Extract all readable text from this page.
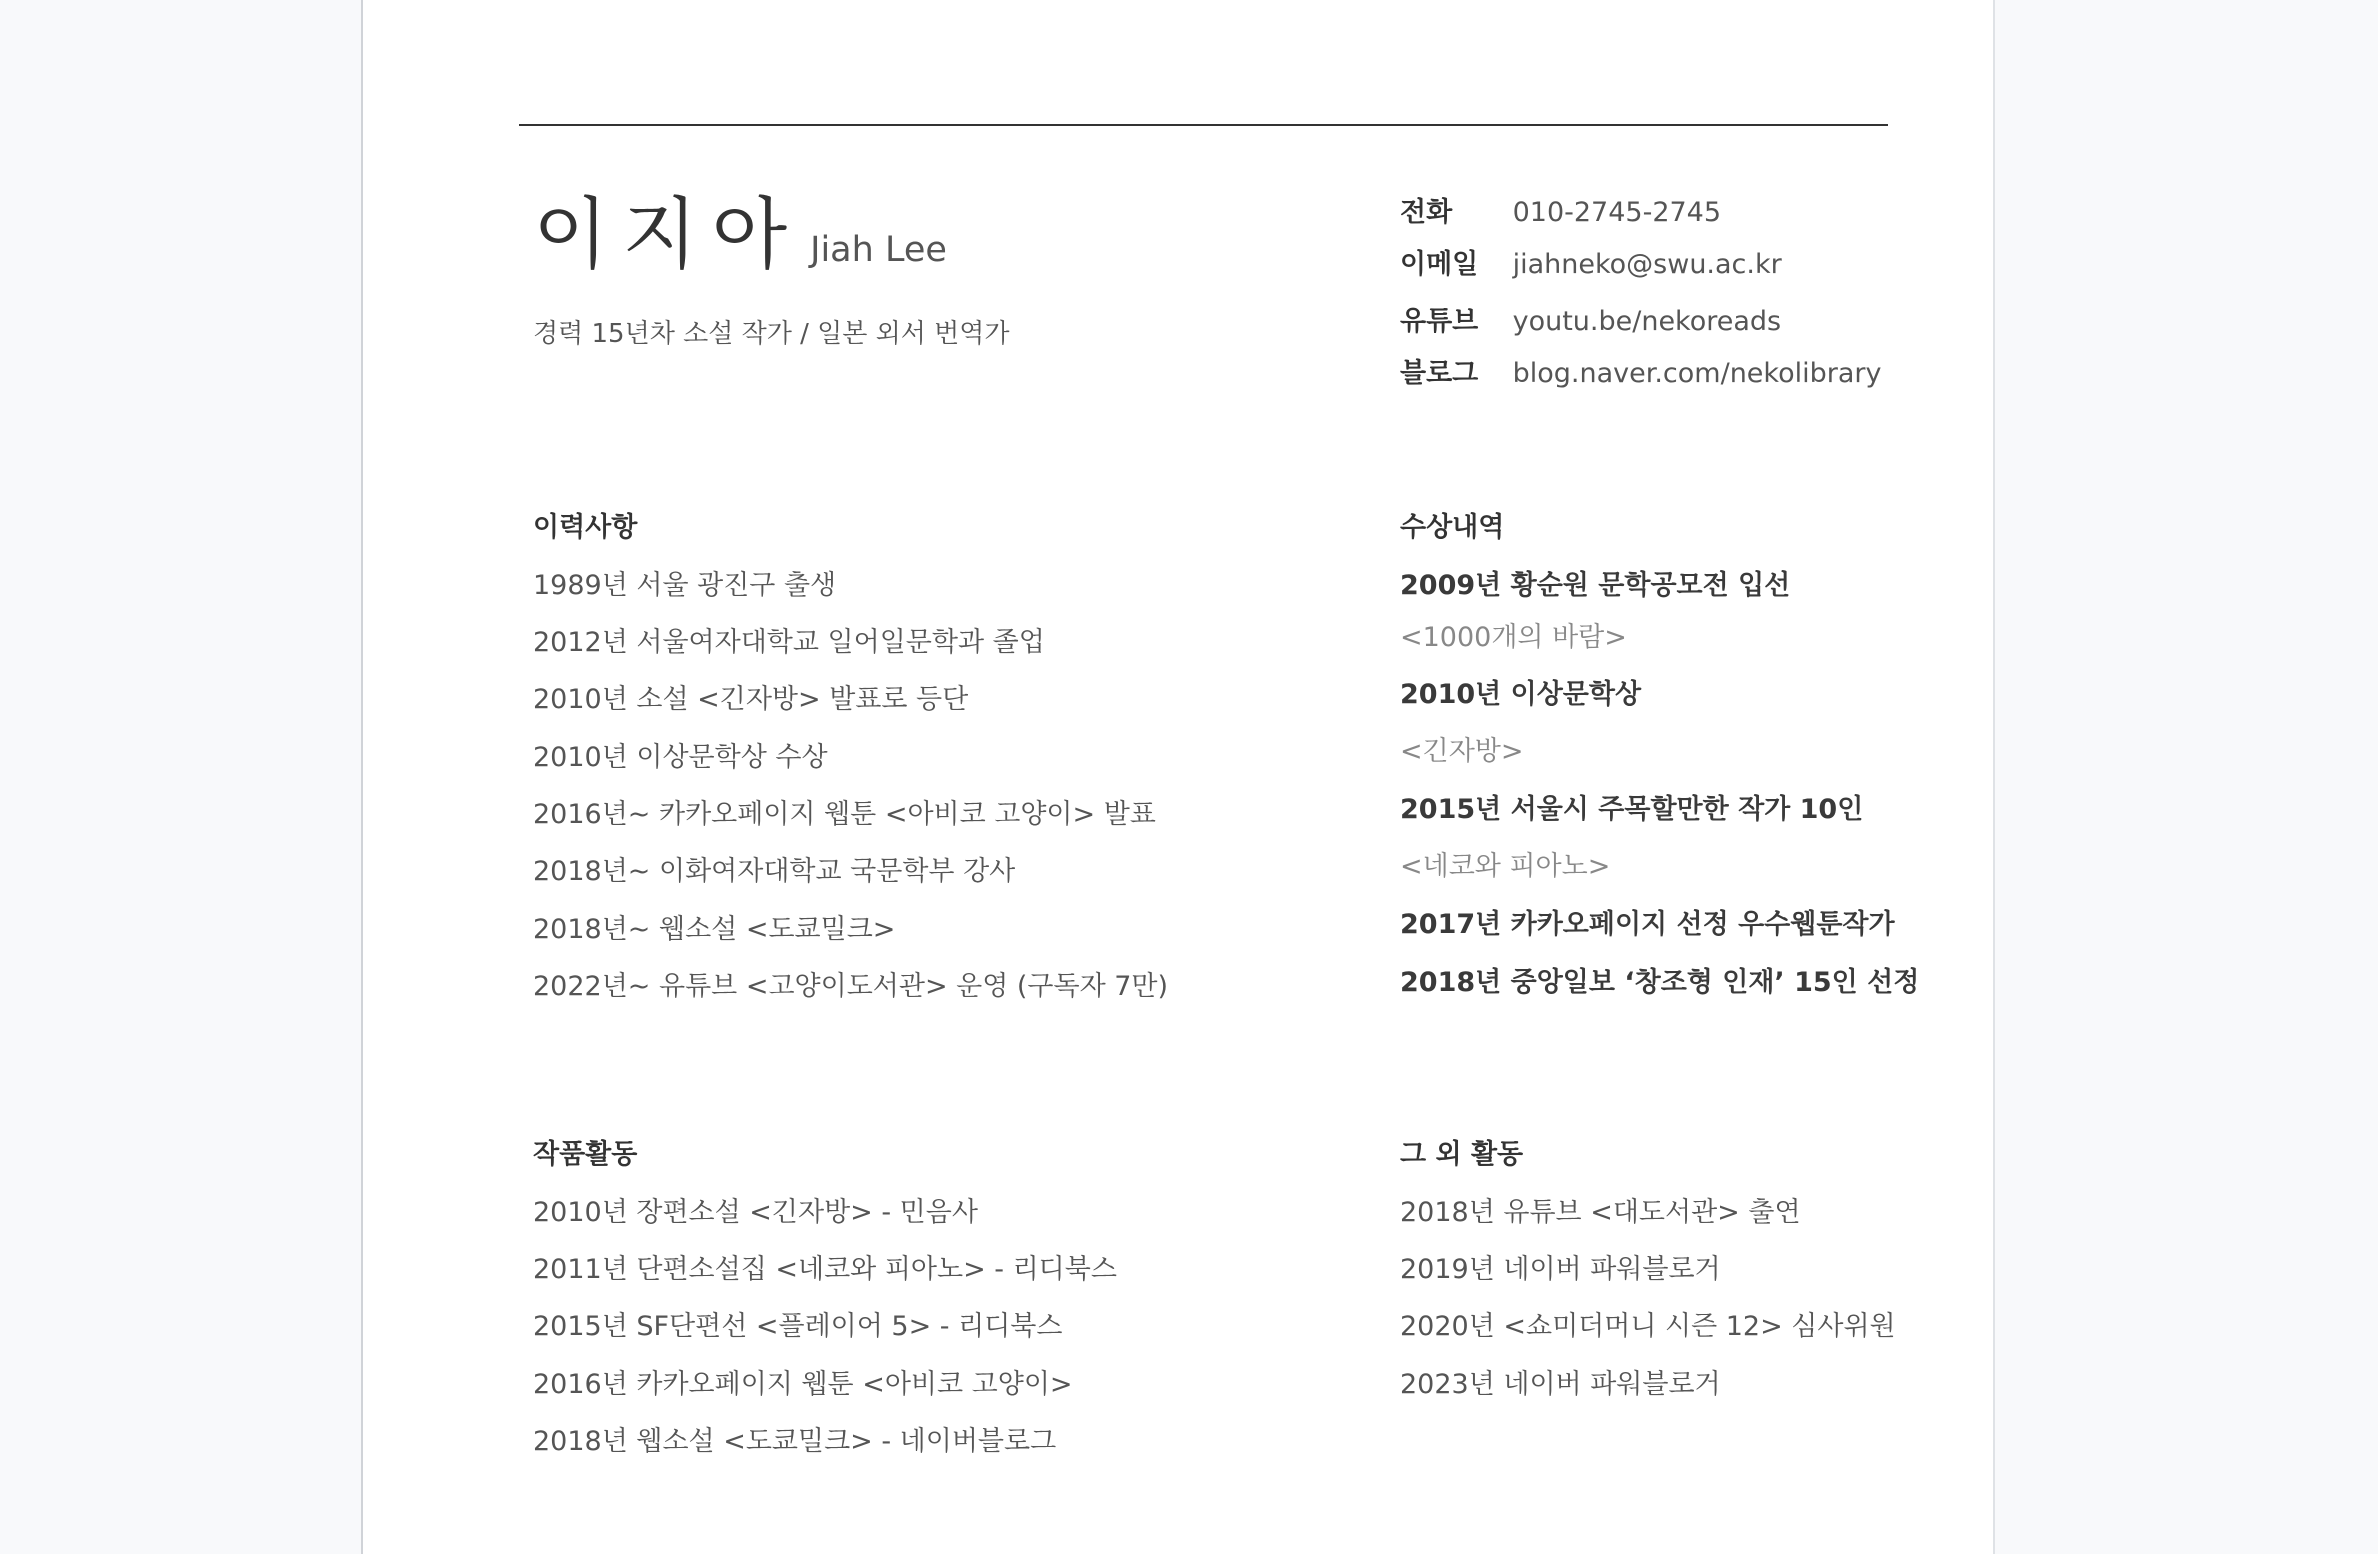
이지아 Jiah Lee
경력 15년차 소설 작가 / 일본 외서 번역가
전화 010-2745-2745
이메일 jiahneko@swu.ac.kr
유튜브 youtu.be/nekoreads
블로그 blog.naver.com/nekolibrary
이력사항
1989년 서울 광진구 출생
2012년 서울여자대학교 일어일문학과 졸업
2010년 소설 <긴자방> 발표로 등단
2010년 이상문학상 수상
2016년~ 카카오페이지 웹툰 <아비코 고양이> 발표
2018년~ 이화여자대학교 국문학부 강사
2018년~ 웹소설 <도쿄밀크>
2022년~ 유튜브 <고양이도서관> 운영 (구독자 7만)
수상내역
2009년 황순원 문학공모전 입선
<1000개의 바람>
2010년 이상문학상
<긴자방>
2015년 서울시 주목할만한 작가 10인
<네코와 피아노>
2017년 카카오페이지 선정 우수웹툰작가
2018년 중앙일보 ‘창조형 인재’ 15인 선정
작품활동
2010년 장편소설 <긴자방> - 민음사
2011년 단편소설집 <네코와 피아노> - 리디북스
2015년 SF단편선 <플레이어 5> - 리디북스
2016년 카카오페이지 웹툰 <아비코 고양이>
2018년 웹소설 <도쿄밀크> - 네이버블로그
그 외 활동
2018년 유튜브 <대도서관> 출연
2019년 네이버 파워블로거
2020년 <쇼미더머니 시즌 12> 심사위원
2023년 네이버 파워블로거
